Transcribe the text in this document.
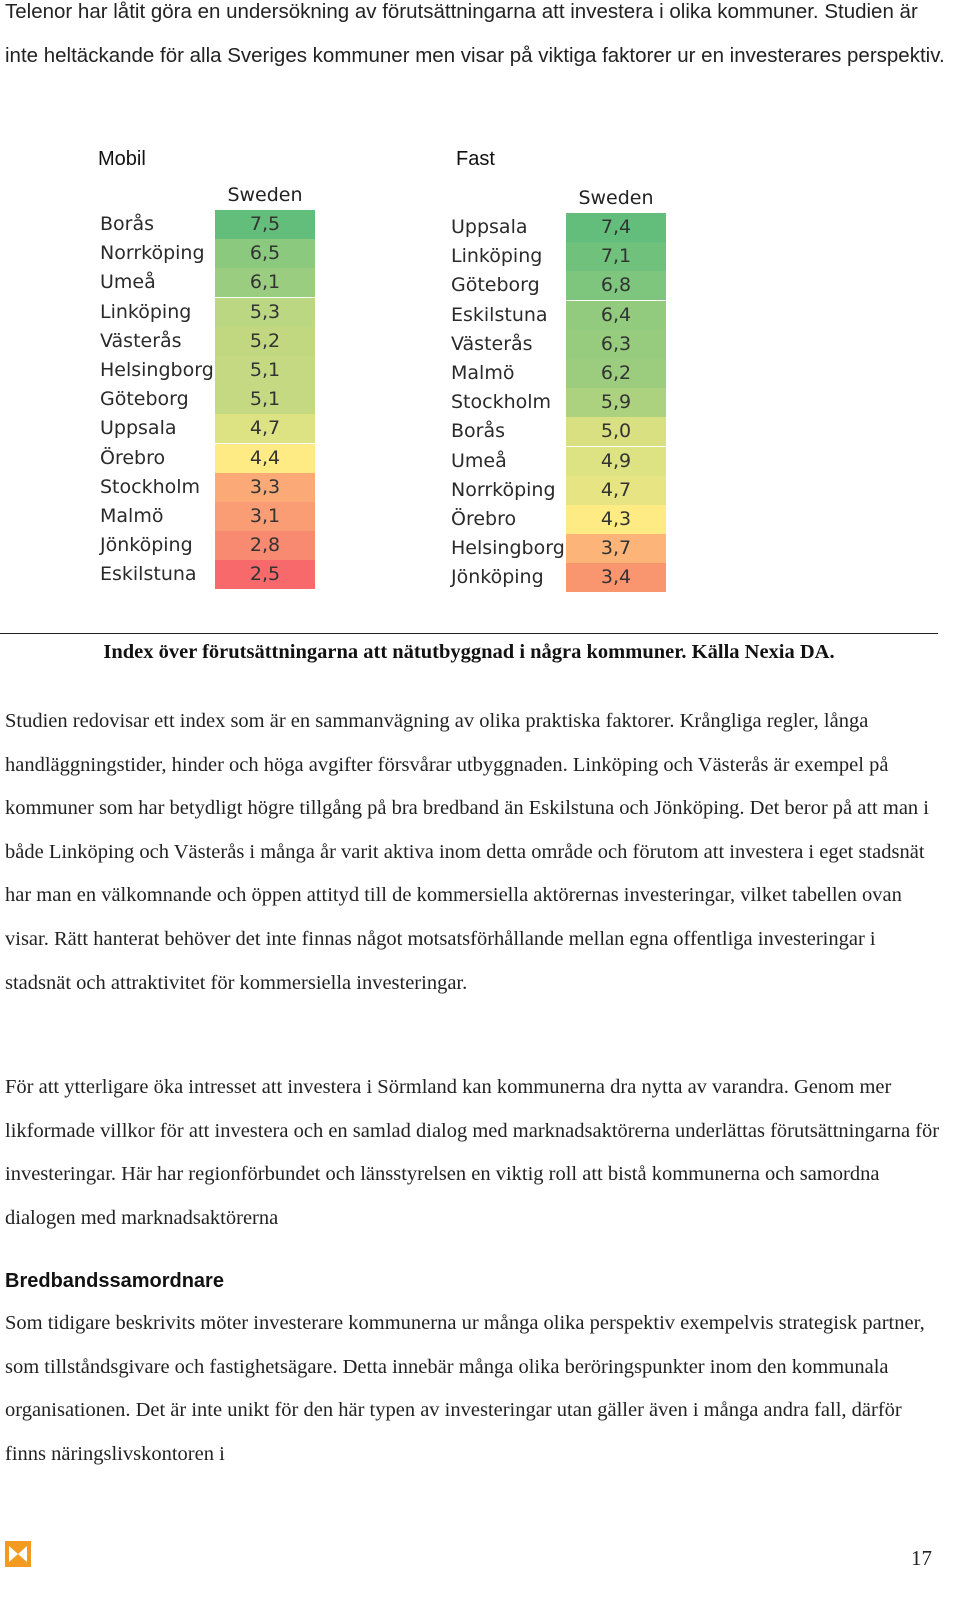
Telenor har låtit göra en undersökning av förutsättningarna att investera i olika kommuner. Studien är inte heltäckande för alla Sveriges kommuner men visar på viktiga faktorer ur en investerares perspektiv.

Mobil	Fast
Sweden
Borås	7,5
Norrköping	6,5
Umeå	6,1
Linköping	5,3
Västerås	5,2
Helsingborg	5,1
Göteborg	5,1
Uppsala	4,7
Örebro	4,4
Stockholm	3,3
Malmö	3,1
Jönköping	2,8
Eskilstuna	2,5
Sweden
Uppsala	7,4
Linköping	7,1
Göteborg	6,8
Eskilstuna	6,4
Västerås	6,3
Malmö	6,2
Stockholm	5,9
Borås	5,0
Umeå	4,9
Norrköping	4,7
Örebro	4,3
Helsingborg	3,7
Jönköping	3,4
Index över förutsättningarna att nätutbyggnad i några kommuner. Källa Nexia DA.

Studien redovisar ett index som är en sammanvägning av olika praktiska faktorer. Krångliga regler, långa handläggningstider, hinder och höga avgifter försvårar utbyggnaden. Linköping och Västerås är exempel på kommuner som har betydligt högre tillgång på bra bredband än Eskilstuna och Jönköping. Det beror på att man i både Linköping och Västerås i många år varit aktiva inom detta område och förutom att investera i eget stadsnät har man en välkomnande och öppen attityd till de kommersiella aktörernas investeringar, vilket tabellen ovan visar. Rätt hanterat behöver det inte finnas något motsatsförhållande mellan egna offentliga investeringar i stadsnät och attraktivitet för kommersiella investeringar.

För att ytterligare öka intresset att investera i Sörmland kan kommunerna dra nytta av varandra. Genom mer likformade villkor för att investera och en samlad dialog med marknadsaktörerna underlättas förutsättningarna för investeringar. Här har regionförbundet och länsstyrelsen en viktig roll att bistå kommunerna och samordna dialogen med marknadsaktörerna

Bredbandssamordnare

Som tidigare beskrivits möter investerare kommunerna ur många olika perspektiv exempelvis strategisk partner, som tillståndsgivare och fastighetsägare. Detta innebär många olika beröringspunkter inom den kommunala organisationen. Det är inte unikt för den här typen av investeringar utan gäller även i många andra fall, därför finns näringslivskontoren i

17
